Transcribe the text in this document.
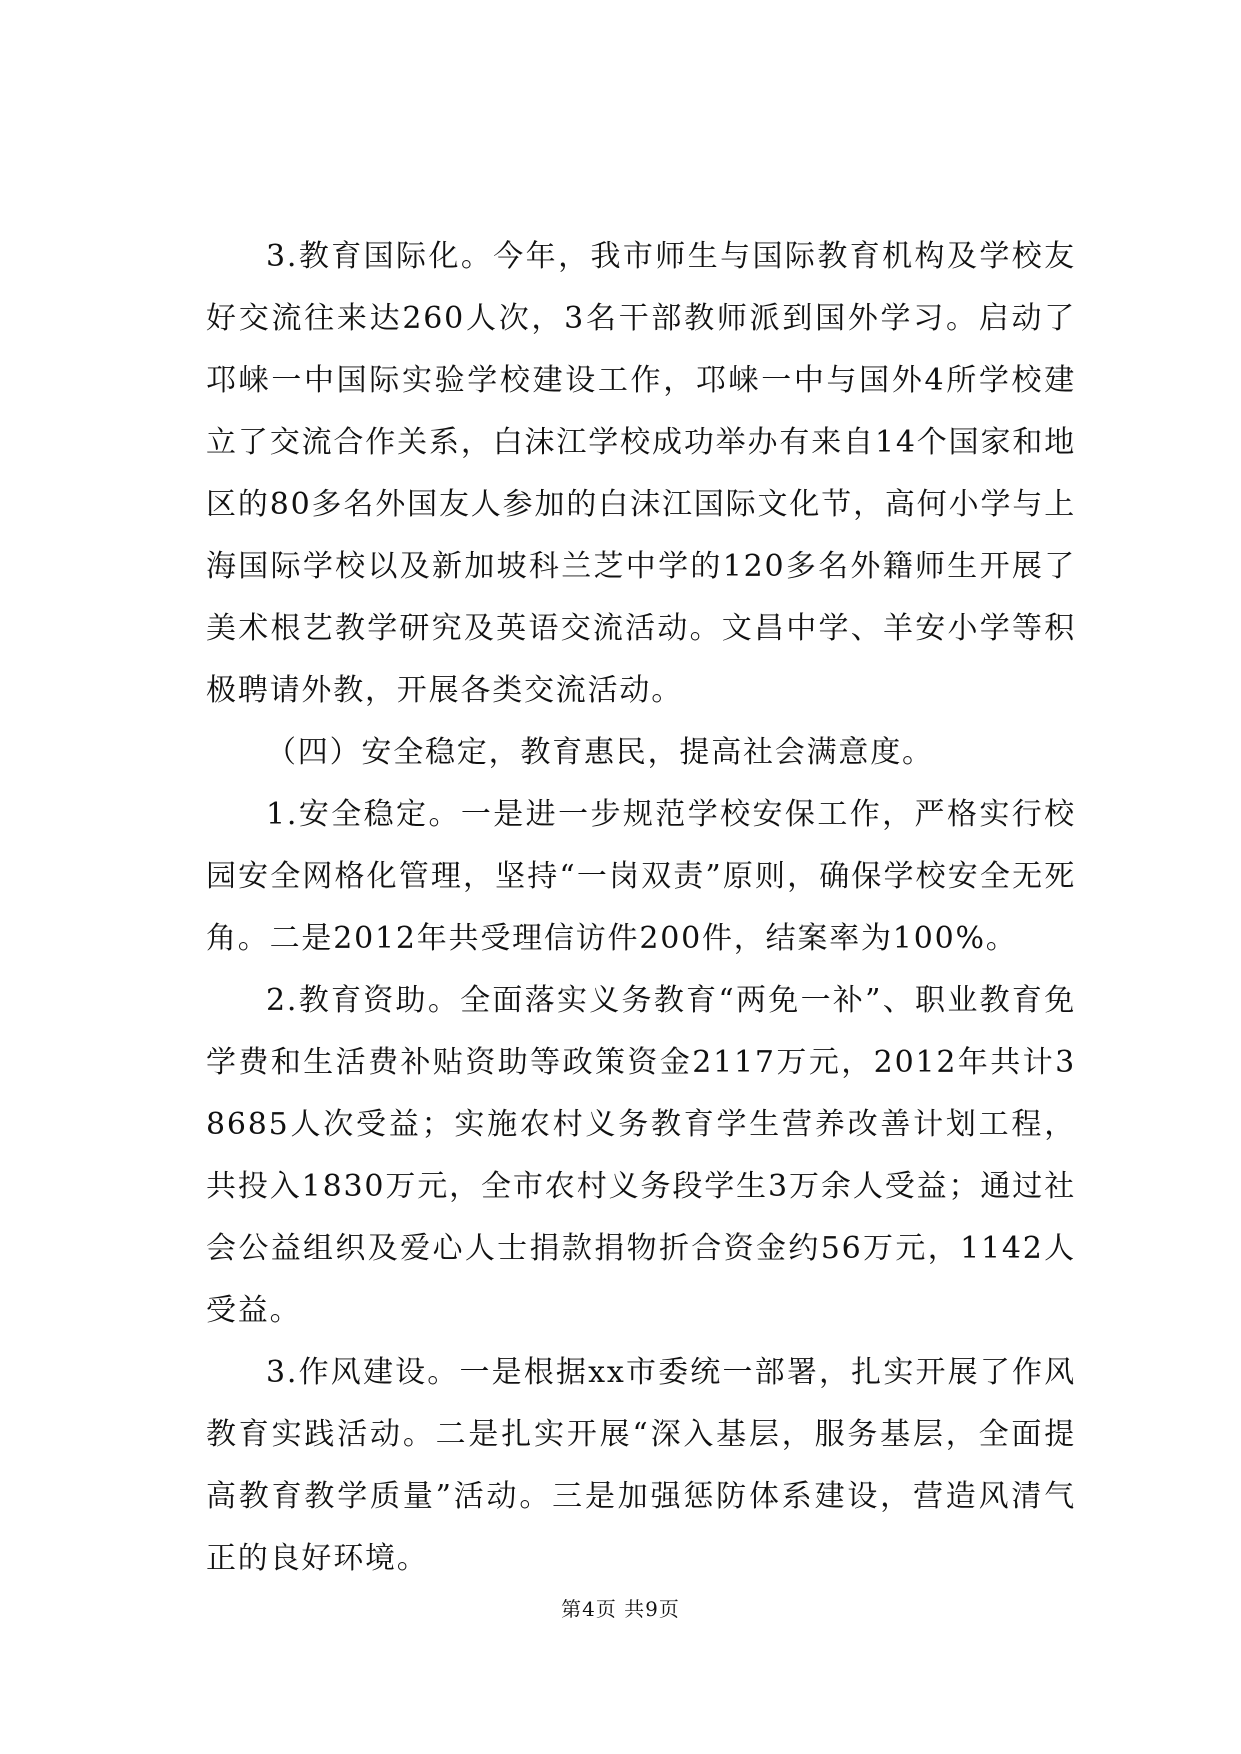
3.教育国际化。今年，我市师生与国际教育机构及学校友好交流往来达260人次，3名干部教师派到国外学习。启动了邛崃一中国际实验学校建设工作，邛崃一中与国外4所学校建立了交流合作关系，白沫江学校成功举办有来自14个国家和地区的80多名外国友人参加的白沫江国际文化节，高何小学与上海国际学校以及新加坡科兰芝中学的120多名外籍师生开展了美术根艺教学研究及英语交流活动。文昌中学、羊安小学等积极聘请外教，开展各类交流活动。

（四）安全稳定，教育惠民，提高社会满意度。

1.安全稳定。一是进一步规范学校安保工作，严格实行校园安全网格化管理，坚持“一岗双责”原则，确保学校安全无死角。二是2012年共受理信访件200件，结案率为100%。

2.教育资助。全面落实义务教育“两免一补”、职业教育免学费和生活费补贴资助等政策资金2117万元，2012年共计38685人次受益；实施农村义务教育学生营养改善计划工程，共投入1830万元，全市农村义务段学生3万余人受益；通过社会公益组织及爱心人士捐款捐物折合资金约56万元，1142人受益。

3.作风建设。一是根据xx市委统一部署，扎实开展了作风教育实践活动。二是扎实开展“深入基层，服务基层，全面提高教育教学质量”活动。三是加强惩防体系建设，营造风清气正的良好环境。

第4页 共9页
